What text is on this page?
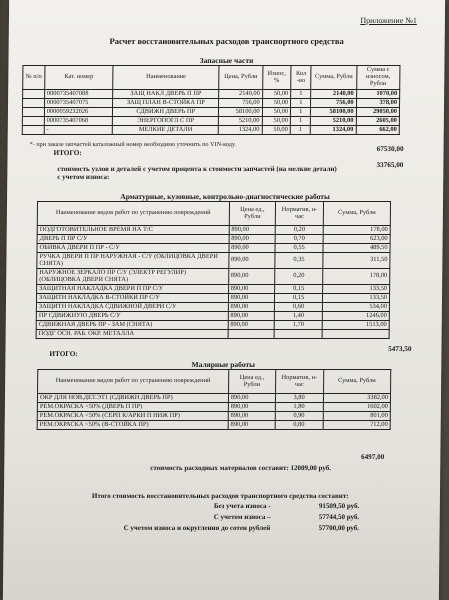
Приложение №1
Расчет восстановительных расходов транспортного средства
Запасные части
№ п/п	Кат. номер	Наименование	Цена, Рубли	Износ, %	Кол -во	Сумма, Рубли	Сумма с износом, Рубли
	0000735407088	ЗАЩ НАКЛ ДВЕРЬ П ПР	2140,00	50,00	1	2140,00	1070,00
	0000735407075	ЗАЩ ПЛАН В-СТОЙКА ПР	756,00	50,00	1	756,00	378,00
	0000059232026	СДВИЖН ДВЕРЬ ПР	58100,00	50,00	1	58100,00	29050,00
	0000735407068	ЭНЕРГОПОГЛ С ПР	5210,00	50,00	1	5210,00	2605,00
	-	МЕЛКИЕ ДЕТАЛИ	1324,00	50,00	1	1324,00	662,00
*- при заказе запчастей каталожный номер необходимо уточнить по VIN-коду.
ИТОГО:	67530,00
33765,00
стоимость узлов и деталей с учетом процента к стоимости запчастей (на мелкие детали) с учетом износа:
Арматурные, кузовные, контрольно-диагностические работы
Наименование видов работ по устранению повреждений	Цена ед., Рубли	Норматив, н-час	Сумма, Рубли
ПОДГОТОВИТЕЛЬНОЕ ВРЕМЯ НА Т/С	890,00	0,20	178,00
ДВЕРЬ П ПР С/У	890,00	0,70	623,00
ОБИВКА ДВЕРИ П ПР - С/У	890,00	0,55	489,50
РУЧКА ДВЕРИ П ПР НАРУЖНАЯ - С/У (ОБЛИЦОВКА ДВЕРИ СНЯТА)	890,00	0,35	311,50
НАРУЖНОЕ ЗЕРКАЛО ПР С/У (ЭЛЕКТР РЕГУЛИР) (ОБЛИЦОВКА ДВЕРИ СНЯТА)	890,00	0,20	178,00
ЗАЩИТНАЯ НАКЛАДКА ДВЕРИ П ПР С/У	890,00	0,15	133,50
ЗАЩИТН НАКЛАДКА В-СТОЙКИ ПР С/У	890,00	0,15	133,50
ЗАЩИТН НАКЛАДКА СДВИЖНОЙ ДВЕРИ С/У	890,00	0,60	534,00
ПР СДВИЖНУЮ ДВЕРЬ С/У	890,00	1,40	1246,00
СДВИЖНАЯ ДВЕРЬ ПР - ЗАМ (СНЯТА)	890,00	1,70	1513,00
ПОДГ ОСН. РАБ. ОКР. МЕТАЛЛА			
ИТОГО:
5473,50
Малярные работы
Наименование видов работ по устранению повреждений	Цена ед., Рубли	Норматив, н-час	Сумма, Рубли
ОКР ДЛЯ НОВ.ДЕТ.ЭТ1 (СДВИЖН ДВЕРЬ ПР)	890,00	3,80	3382,00
РЕМ.ОКРАСКА <50% (ДВЕРЬ П ПР)	890,00	1,80	1602,00
РЕМ.ОКРАСКА <50% (СЕРП К/АРКИ П НИЖ ПР)	890,00	0,90	801,00
РЕМ.ОКРАСКА <50% (В-СТОЙКА ПР)	890,00	0,80	712,00
6497,00
стоимость расходных материалов составит: 12009,00 руб.
Итого стоимость восстановительных расходов транспортного средства составит:
Без учета износа -	91509,50 руб.
С учетом износа –	57744,50 руб.
С учетом износа и округления до сотен рублей	57700,00 руб.
